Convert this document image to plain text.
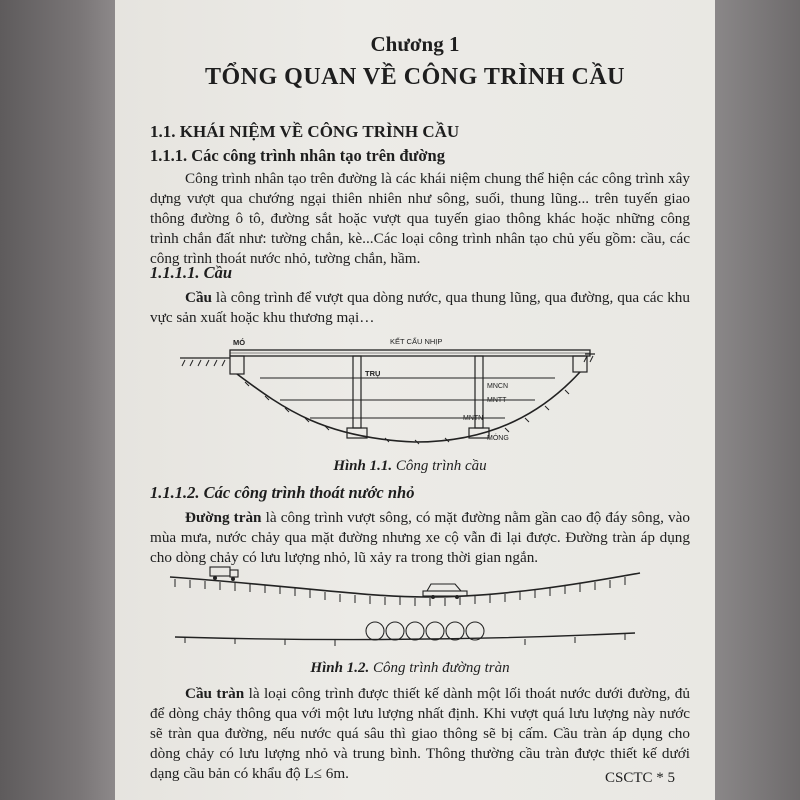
Chương 1
TỔNG QUAN VỀ CÔNG TRÌNH CẦU
1.1. KHÁI NIỆM VỀ CÔNG TRÌNH CẦU
1.1.1. Các công trình nhân tạo trên đường
Công trình nhân tạo trên đường là các khái niệm chung thể hiện các công trình xây dựng vượt qua chướng ngại thiên nhiên như sông, suối, thung lũng... trên tuyến giao thông đường ô tô, đường sắt hoặc vượt qua tuyến giao thông khác hoặc những công trình chắn đất như: tường chắn, kè...Các loại công trình nhân tạo chủ yếu gồm: cầu, các công trình thoát nước nhỏ, tường chắn, hầm.
1.1.1.1. Cầu
Cầu là công trình để vượt qua dòng nước, qua thung lũng, qua đường, qua các khu vực sản xuất hoặc khu thương mại…
MÓ	KẾT CẤU NHỊP
TRỤ
MNCN
MNTT
MNTN
MÓNG
Hình 1.1. Công trình cầu
1.1.1.2. Các công trình thoát nước nhỏ
Đường tràn là công trình vượt sông, có mặt đường nằm gần cao độ đáy sông, vào mùa mưa, nước chảy qua mặt đường nhưng xe cộ vẫn đi lại được. Đường tràn áp dụng cho dòng chảy có lưu lượng nhỏ, lũ xảy ra trong thời gian ngắn.
Hình 1.2. Công trình đường tràn
Cầu tràn là loại công trình được thiết kế dành một lối thoát nước dưới đường, đủ để dòng chảy thông qua với một lưu lượng nhất định. Khi vượt quá lưu lượng này nước sẽ tràn qua đường, nếu nước quá sâu thì giao thông sẽ bị cấm. Cầu tràn áp dụng cho dòng chảy có lưu lượng nhỏ và trung bình. Thông thường cầu tràn được thiết kế dưới dạng cầu bản có khẩu độ L≤ 6m.	CSCTC * 5
